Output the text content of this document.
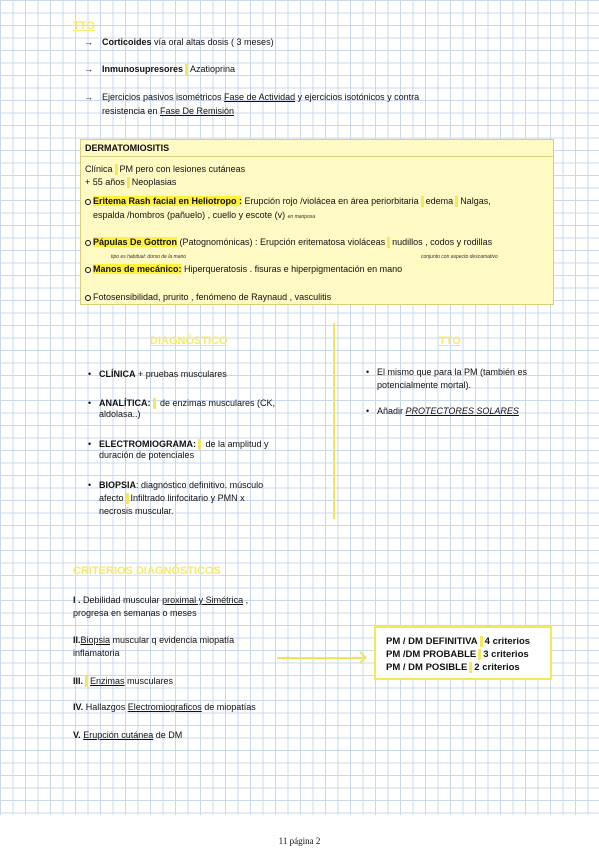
TTO
→ Corticoides vía oral altas dosis ( 3 meses)
→ Inmunosupresores Azatioprina
→ Ejercicios pasivos isométricos Fase de Actividad y ejercicios isotónicos y contra
resistencia en Fase De Remisión
DERMATOMIOSITIS
Clínica PM pero con lesiones cutáneas
+ 55 años Neoplasias
Eritema Rash facial en Heliotropo : Erupción rojo /violácea en área periorbitaria edema Nalgas,
espalda /hombros (pañuelo) , cuello y escote (v) en mariposa
Pápulas De Gottron (Patognomónicas) : Erupción eritematosa violáceas nudillos , codos y rodillas
tipo es habitual: dorso de la mano	conjunto con aspecto descamativo
Manos de mecánico: Hiperqueratosis . fisuras e hiperpigmentación en mano
Fotosensibilidad, prurito , fenómeno de Raynaud , vasculitis
DIAGNÓSTICO
• CLÍNICA + pruebas musculares
• ANALÍTICA: de enzimas musculares (CK,
aldolasa..)
• ELECTROMIOGRAMA: de la amplitud y
duración de potenciales
• BIOPSIA: diagnóstico definitivo. músculo
afecto Infiltrado linfocitario y PMN x
necrosis muscular.
TTO
• El mismo que para la PM (también es
potencialmente mortal).
• Añadir PROTECTORES SOLARES
CRITERIOS DIAGNÓSTICOS
I . Debilidad muscular proximal y Simétrica ,
progresa en semanas o meses
II.Biopsia muscular q evidencia miopatía
inflamatoria
III. Enzimas musculares
IV. Hallazgos Electromiograficos de miopatías
V. Erupción cutánea de DM
PM / DM DEFINITIVA 4 criterios
PM /DM PROBABLE 3 criterios
PM / DM POSIBLE 2 criterios
11 página 2
